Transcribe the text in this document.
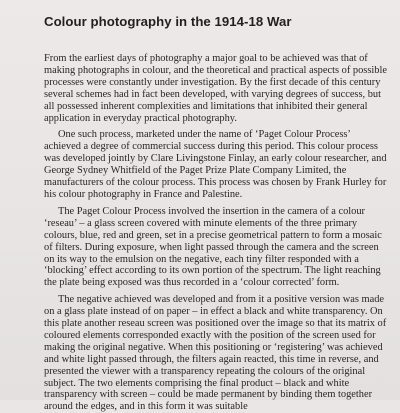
Colour photography in the 1914-18 War

From the earliest days of photography a major goal to be achieved was that of making photographs in colour, and the theoretical and practical aspects of possible processes were constantly under investigation. By the first decade of this century several schemes had in fact been developed, with varying degrees of success, but all possessed inherent complexities and limitations that inhibited their general application in everyday practical photography.

One such process, marketed under the name of ‘Paget Colour Process’ achieved a degree of commercial success during this period. This colour process was developed jointly by Clare Livingstone Finlay, an early colour researcher, and George Sydney Whitfield of the Paget Prize Plate Company Limited, the manufacturers of the colour process. This process was chosen by Frank Hurley for his colour photography in France and Palestine.

The Paget Colour Process involved the insertion in the camera of a colour ‘reseau’ – a glass screen covered with minute elements of the three primary colours, blue, red and green, set in a precise geometrical pattern to form a mosaic of filters. During exposure, when light passed through the camera and the screen on its way to the emulsion on the negative, each tiny filter responded with a ‘blocking’ effect according to its own portion of the spectrum. The light reaching the plate being exposed was thus recorded in a ‘colour corrected’ form.

The negative achieved was developed and from it a positive version was made on a glass plate instead of on paper – in effect a black and white transparency. On this plate another reseau screen was positioned over the image so that its matrix of coloured elements corresponded exactly with the position of the screen used for making the original negative. When this positioning or ‘registering’ was achieved and white light passed through, the filters again reacted, this time in reverse, and presented the viewer with a transparency repeating the colours of the original subject. The two elements comprising the final product – black and white transparency with screen – could be made permanent by binding them together around the edges, and in this form it was suitable
